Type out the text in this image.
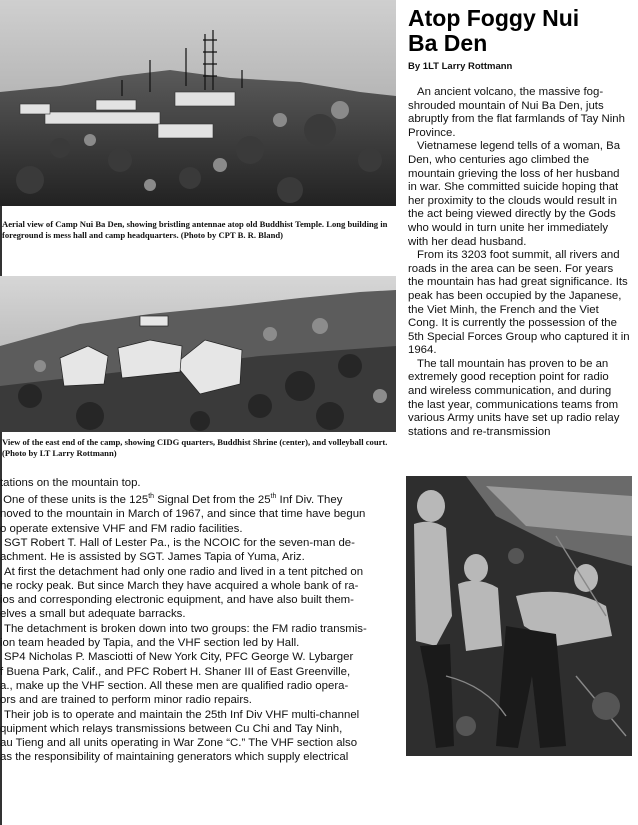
Aerial view of Camp Nui Ba Den, showing bristling antennae atop old Buddhist Temple. Long building in foreground is mess hall and camp headquarters. (Photo by CPT B. R. Bland)
View of the east end of the camp, showing CIDG quarters, Buddhist Shrine (center), and volleyball court. (Photo by LT Larry Rottmann)
Atop Foggy Nui
Ba Den
By 1LT Larry Rottmann

An ancient volcano, the massive fog-shrouded mountain of Nui Ba Den, juts abruptly from the flat farmlands of Tay Ninh Province.

Vietnamese legend tells of a woman, Ba Den, who centuries ago climbed the mountain grieving the loss of her husband in war. She committed suicide hoping that her proximity to the clouds would result in the act being viewed directly by the Gods who would in turn unite her immediately with her dead husband.

From its 3203 foot summit, all rivers and roads in the area can be seen. For years the mountain has had great significance. Its peak has been occupied by the Japanese, the Viet Minh, the French and the Viet Cong. It is currently the possession of the 5th Special Forces Group who captured it in 1964.

The tall mountain has proven to be an extremely good reception point for radio and wireless communication, and during the last year, communications teams from various Army units have set up radio relay stations and re-transmission

tations on the mountain top.

One of these units is the 125th Signal Det from the 25th Inf Div. They

noved to the mountain in March of 1967, and since that time have begun

o operate extensive VHF and FM radio facilities.

SGT Robert T. Hall of Lester Pa., is the NCOIC for the seven-man de-

achment. He is assisted by SGT. James Tapia of Yuma, Ariz.

At first the detachment had only one radio and lived in a tent pitched on

he rocky peak. But since March they have acquired a whole bank of ra-

ios and corresponding electronic equipment, and have also built them-

elves a small but adequate barracks.

The detachment is broken down into two groups: the FM radio transmis-

ion team headed by Tapia, and the VHF section led by Hall.

SP4 Nicholas P. Masciotti of New York City, PFC George W. Lybarger

f Buena Park, Calif., and PFC Robert H. Shaner III of East Greenville,

a., make up the VHF section. All these men are qualified radio opera-

ors and are trained to perform minor radio repairs.

Their job is to operate and maintain the 25th Inf Div VHF multi-channel

quipment which relays transmissions between Cu Chi and Tay Ninh,

au Tieng and all units operating in War Zone “C.” The VHF section also

as the responsibility of maintaining generators which supply electrical
